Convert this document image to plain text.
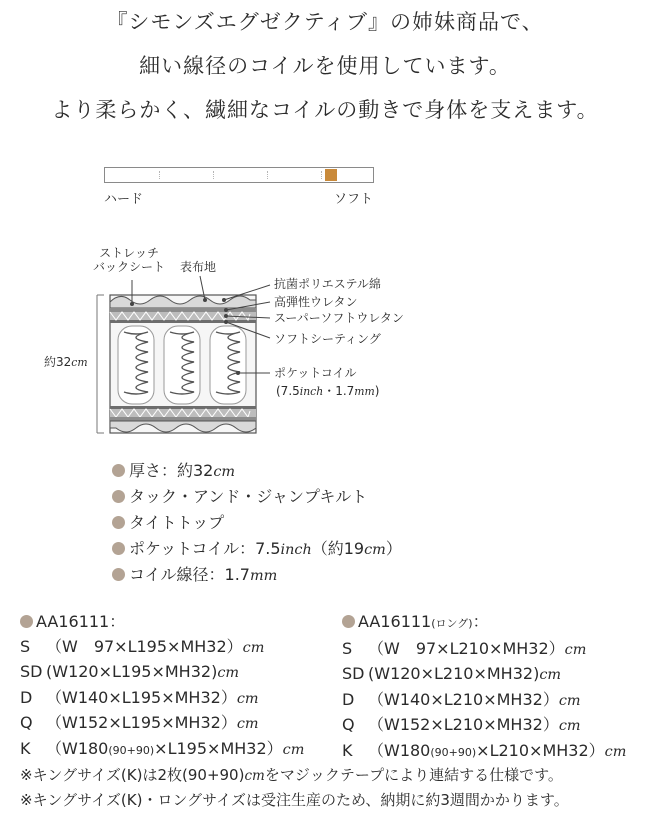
『シモンズエグゼクティブ』の姉妹商品で、
細い線径のコイルを使用しています。
より柔らかく、繊細なコイルの動きで身体を支えます。
ハード	ソフト
ストレッチ
バックシート 表布地
抗菌ポリエステル綿
高弾性ウレタン
スーパーソフトウレタン
ソフトシーティング
ポケットコイル
(7.5inch・1.7mm)
約32cm
厚さ：約32cm
タック・アンド・ジャンプキルト
タイトトップ
ポケットコイル：7.5inch（約19cm）
コイル線径：1.7mm
AA16111：
S （W　97×L195×MH32）cm
SD (W120×L195×MH32)cm
D （W140×L195×MH32）cm
Q （W152×L195×MH32）cm
K （W180(90+90)×L195×MH32）cm
AA16111(ロング)：
S （W　97×L210×MH32）cm
SD (W120×L210×MH32)cm
D （W140×L210×MH32）cm
Q （W152×L210×MH32）cm
K （W180(90+90)×L210×MH32）cm
※キングサイズ(K)は2枚(90+90)cmをマジックテープにより連結する仕様です。
※キングサイズ(K)・ロングサイズは受注生産のため、納期に約3週間かかります。
